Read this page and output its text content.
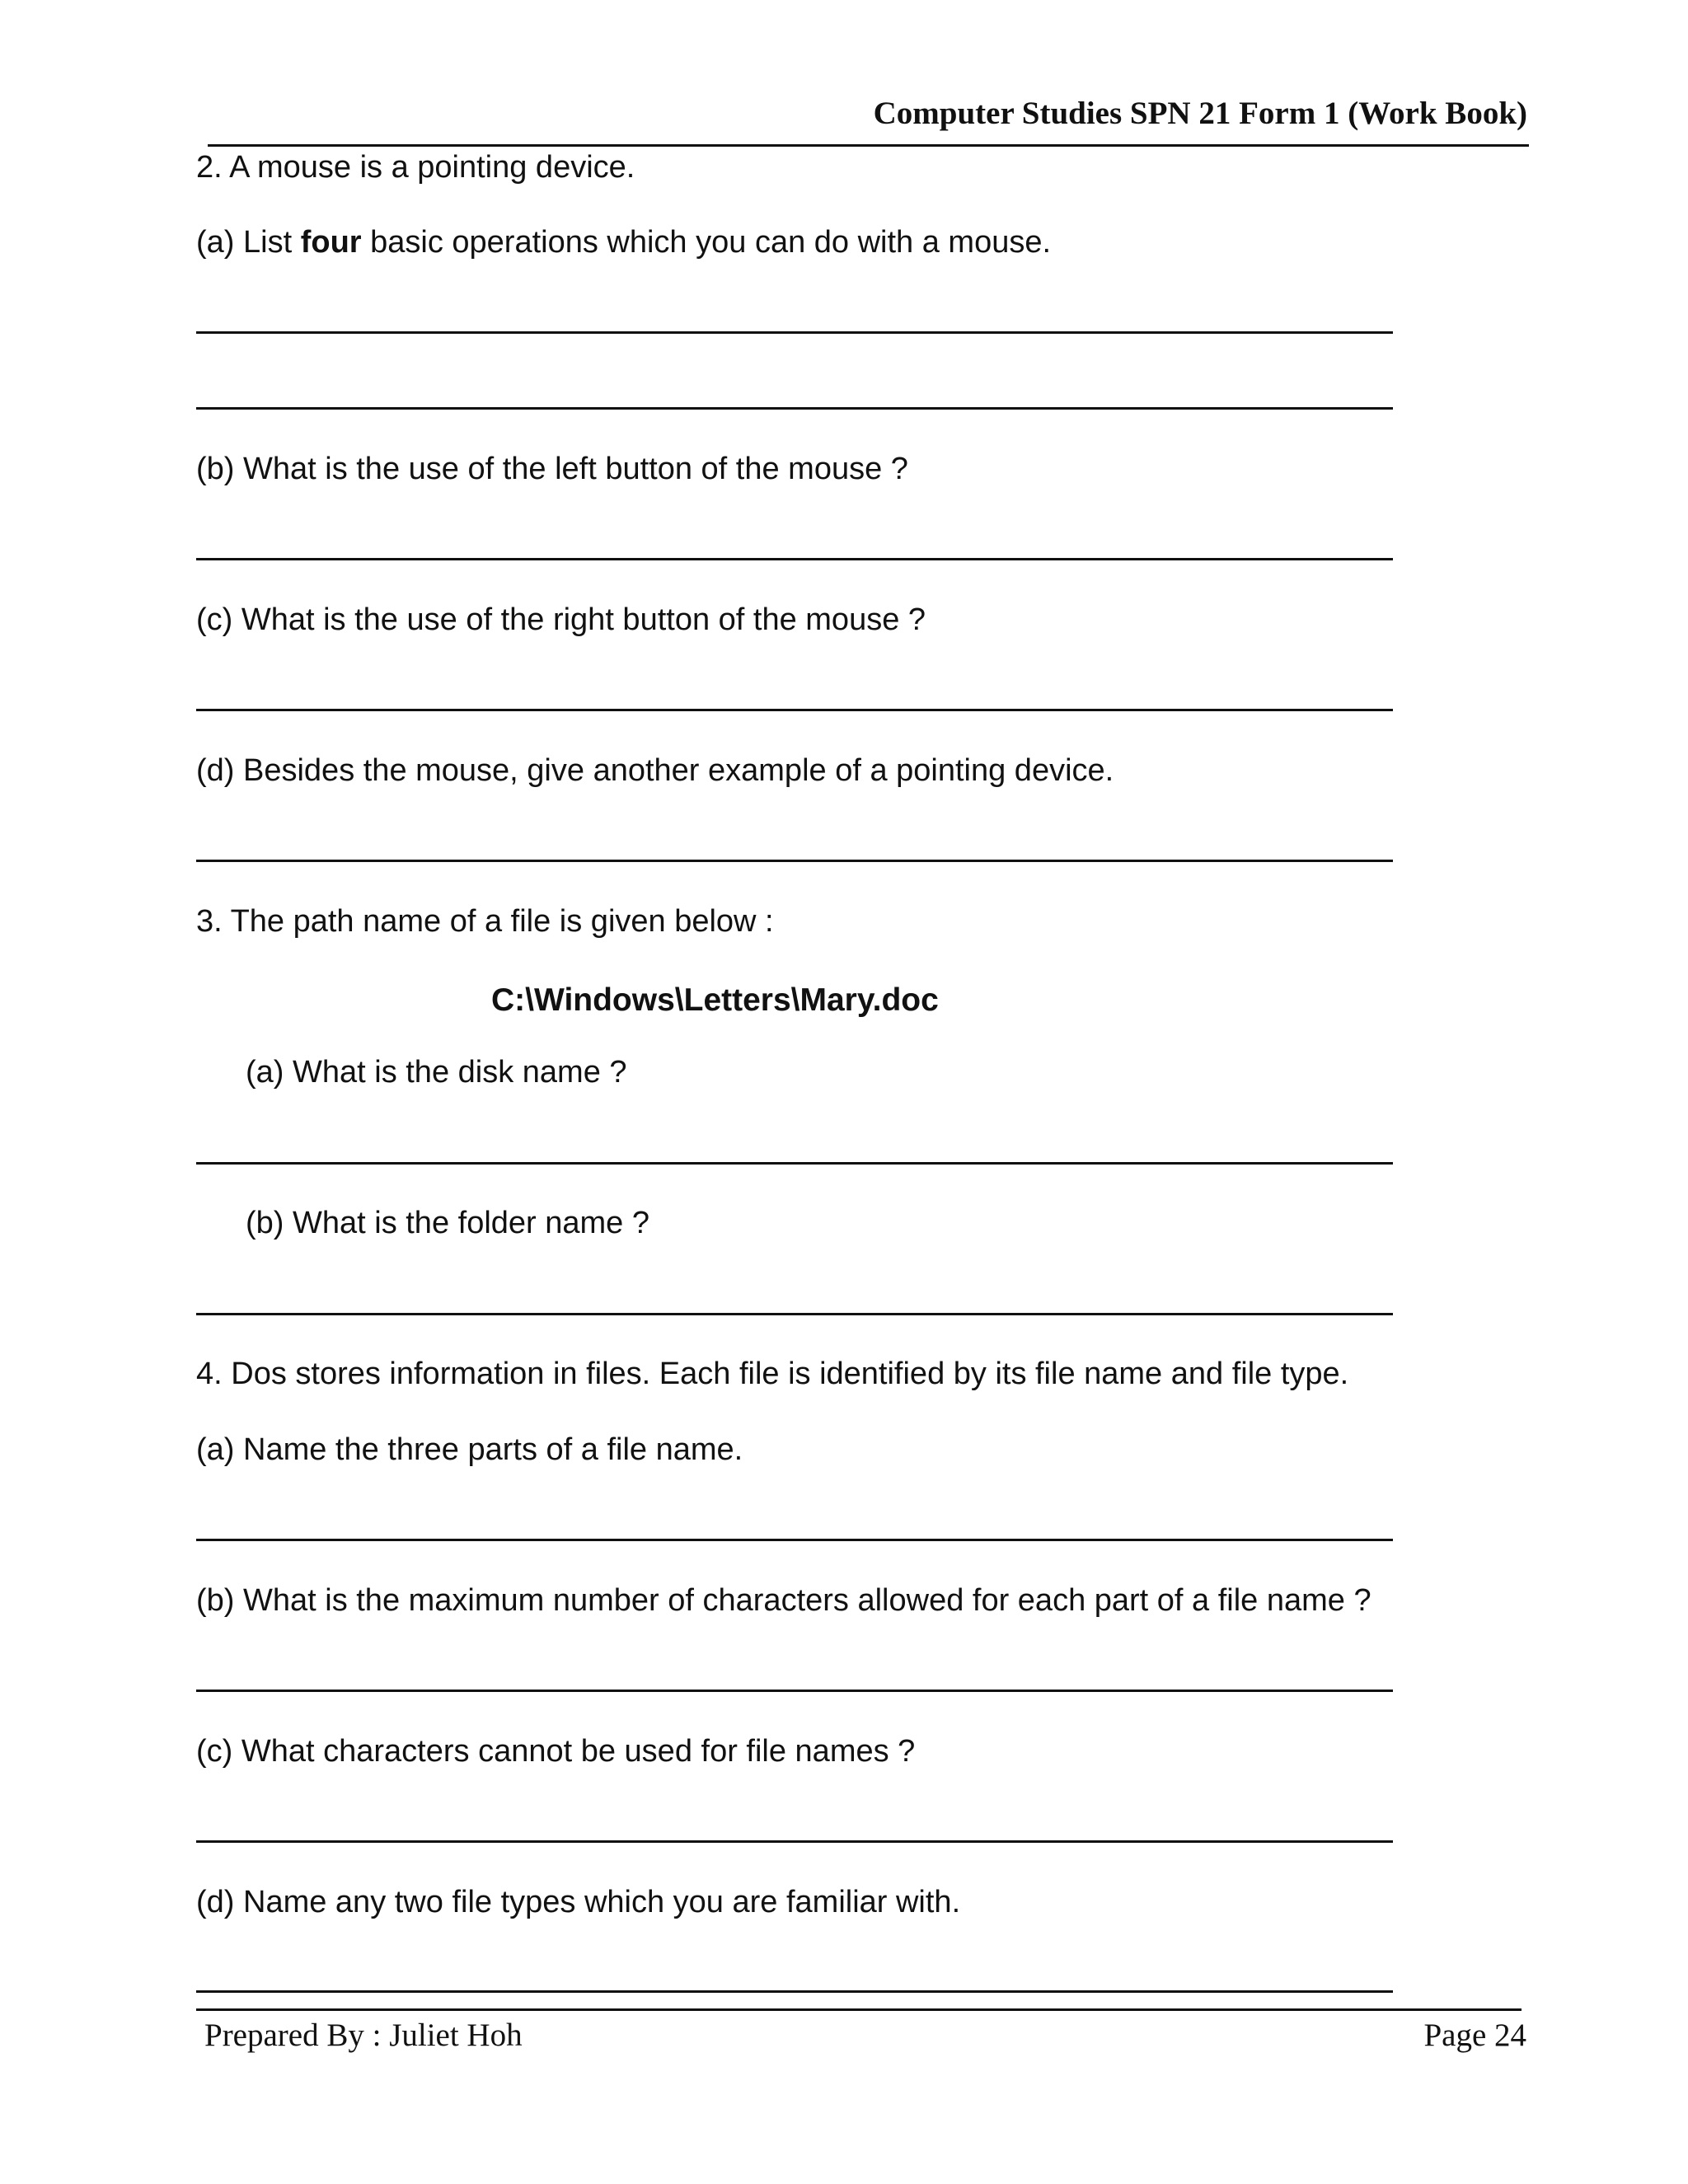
Computer Studies SPN 21 Form 1 (Work Book)
2. A mouse is a pointing device.
(a) List four basic operations which you can do with a mouse.
(b) What is the use of the left button of the mouse ?
(c) What is the use of the right button of the mouse ?
(d) Besides the mouse, give another example of a pointing device.
3. The path name of a file is given below :
C:\Windows\Letters\Mary.doc
(a) What is the disk name ?
(b) What is the folder name ?
4. Dos stores information in files. Each file is identified by its file name and file type.
(a) Name the three parts of a file name.
(b) What is the maximum number of characters allowed for each part of a file name ?
(c) What characters cannot be used for file names ?
(d) Name any two file types which you are familiar with.
Prepared By : Juliet Hoh	Page 24
